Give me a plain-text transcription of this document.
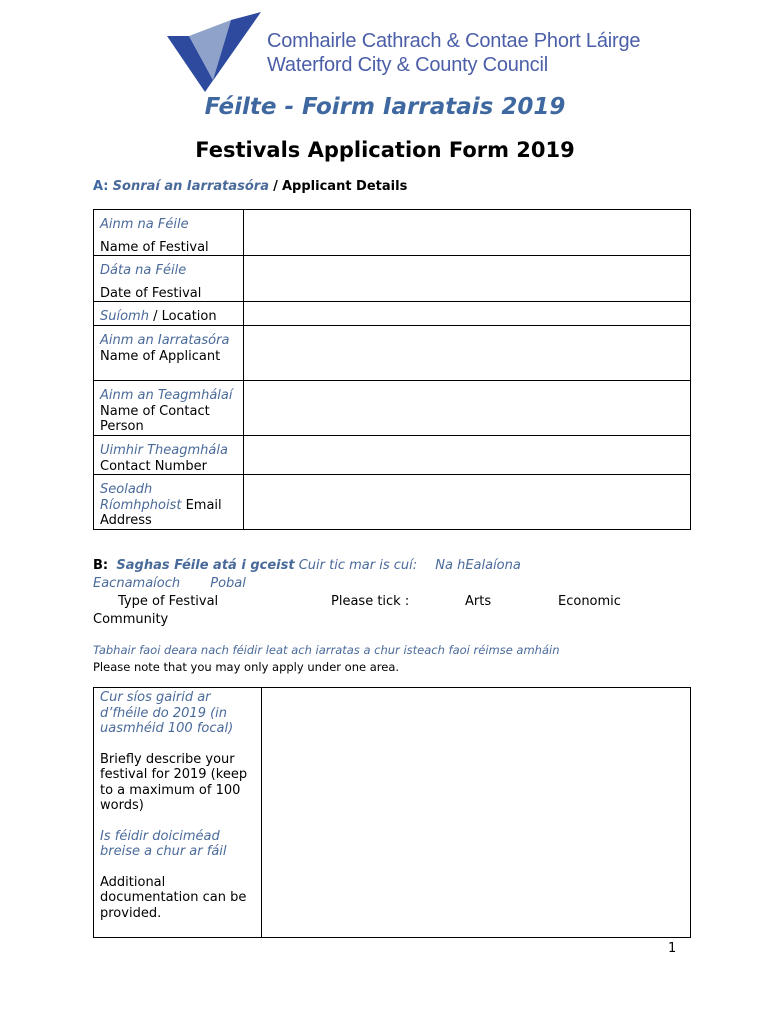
Comhairle Cathrach & Contae Phort Láirge
Waterford City & County Council
Féilte - Foirm Iarratais 2019
Festivals Application Form 2019
A: Sonraí an Iarratasóra / Applicant Details
Ainm na Féile
Name of Festival	
Dáta na Féile
Date of Festival	
Suíomh / Location	
Ainm an Iarratasóra Name of Applicant	
Ainm an Teagmhálaí Name of Contact Person	
Uimhir Theagmhála
Contact Number	
Seoladh Ríomhphoist Email Address	
B: Saghas Féile atá i gceist Cuir tic mar is cuí: Na hEalaíona
Eacnamaíoch Pobal
Type of Festival	Please tick :	Arts	Economic
Community
Tabhair faoi deara nach féidir leat ach iarratas a chur isteach faoi réimse amháin
Please note that you may only apply under one area.
Cur síos gairid ar d’fhéile do 2019 (in uasmhéid 100 focal)
Briefly describe your festival for 2019 (keep to a maximum of 100 words)
Is féidir doiciméad breise a chur ar fáil
Additional documentation can be provided.

1
